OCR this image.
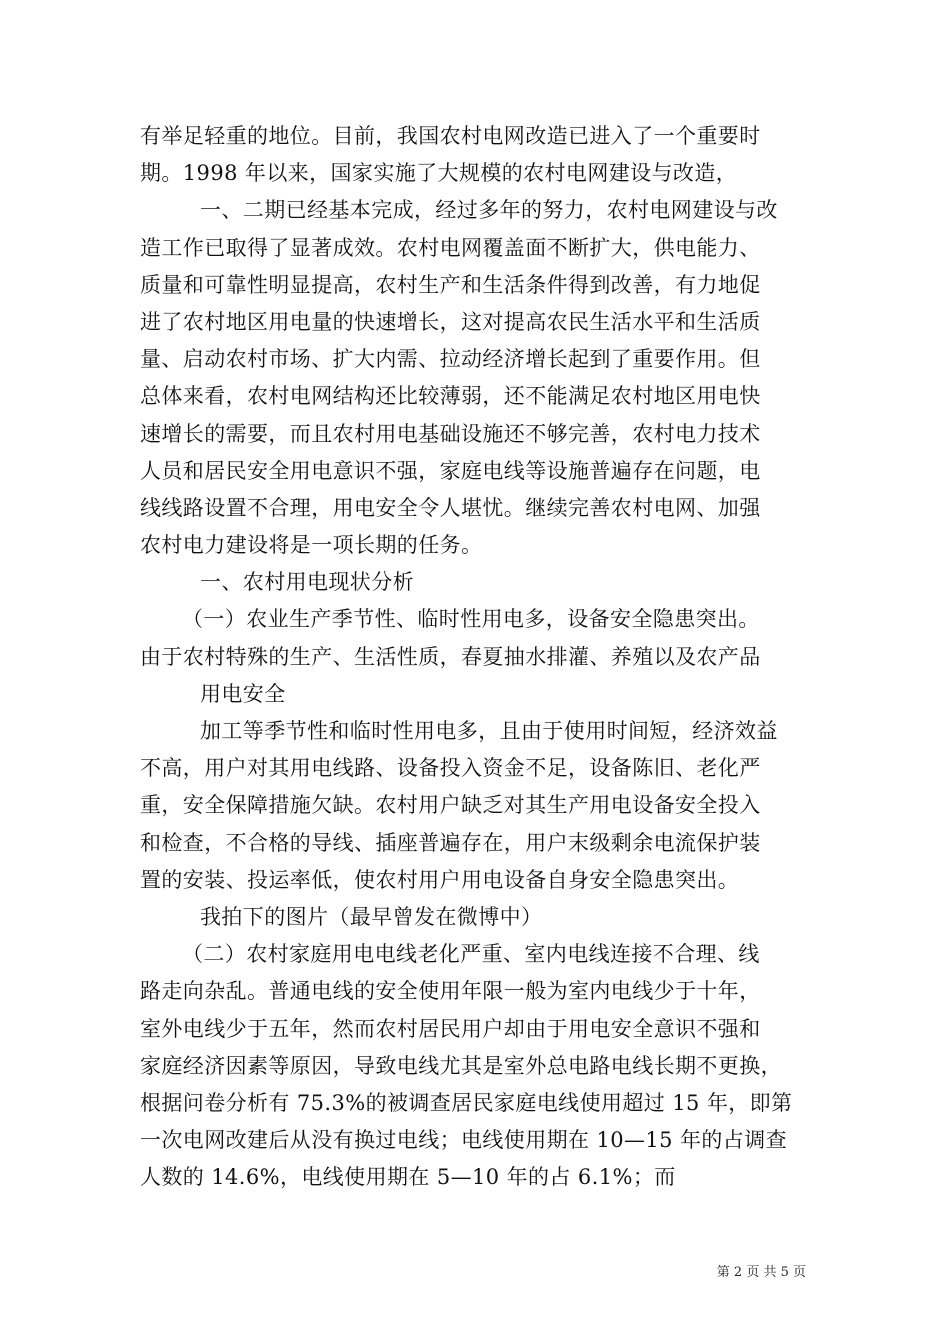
有举足轻重的地位。目前，我国农村电网改造已进入了一个重要时
期。1998 年以来，国家实施了大规模的农村电网建设与改造，
一、二期已经基本完成，经过多年的努力，农村电网建设与改
造工作已取得了显著成效。农村电网覆盖面不断扩大，供电能力、
质量和可靠性明显提高，农村生产和生活条件得到改善，有力地促
进了农村地区用电量的快速增长，这对提高农民生活水平和生活质
量、启动农村市场、扩大内需、拉动经济增长起到了重要作用。但
总体来看，农村电网结构还比较薄弱，还不能满足农村地区用电快
速增长的需要，而且农村用电基础设施还不够完善，农村电力技术
人员和居民安全用电意识不强，家庭电线等设施普遍存在问题，电
线线路设置不合理，用电安全令人堪忧。继续完善农村电网、加强
农村电力建设将是一项长期的任务。
一、农村用电现状分析
（一）农业生产季节性、临时性用电多，设备安全隐患突出。
由于农村特殊的生产、生活性质，春夏抽水排灌、养殖以及农产品
用电安全
加工等季节性和临时性用电多，且由于使用时间短，经济效益
不高，用户对其用电线路、设备投入资金不足，设备陈旧、老化严
重，安全保障措施欠缺。农村用户缺乏对其生产用电设备安全投入
和检查，不合格的导线、插座普遍存在，用户末级剩余电流保护装
置的安装、投运率低，使农村用户用电设备自身安全隐患突出。
我拍下的图片（最早曾发在微博中）
（二）农村家庭用电电线老化严重、室内电线连接不合理、线
路走向杂乱。普通电线的安全使用年限一般为室内电线少于十年，
室外电线少于五年，然而农村居民用户却由于用电安全意识不强和
家庭经济因素等原因，导致电线尤其是室外总电路电线长期不更换，
根据问卷分析有 75.3%的被调查居民家庭电线使用超过 15 年，即第
一次电网改建后从没有换过电线；电线使用期在 10—15 年的占调查
人数的 14.6%，电线使用期在 5—10 年的占 6.1%；而
第 2 页 共 5 页
